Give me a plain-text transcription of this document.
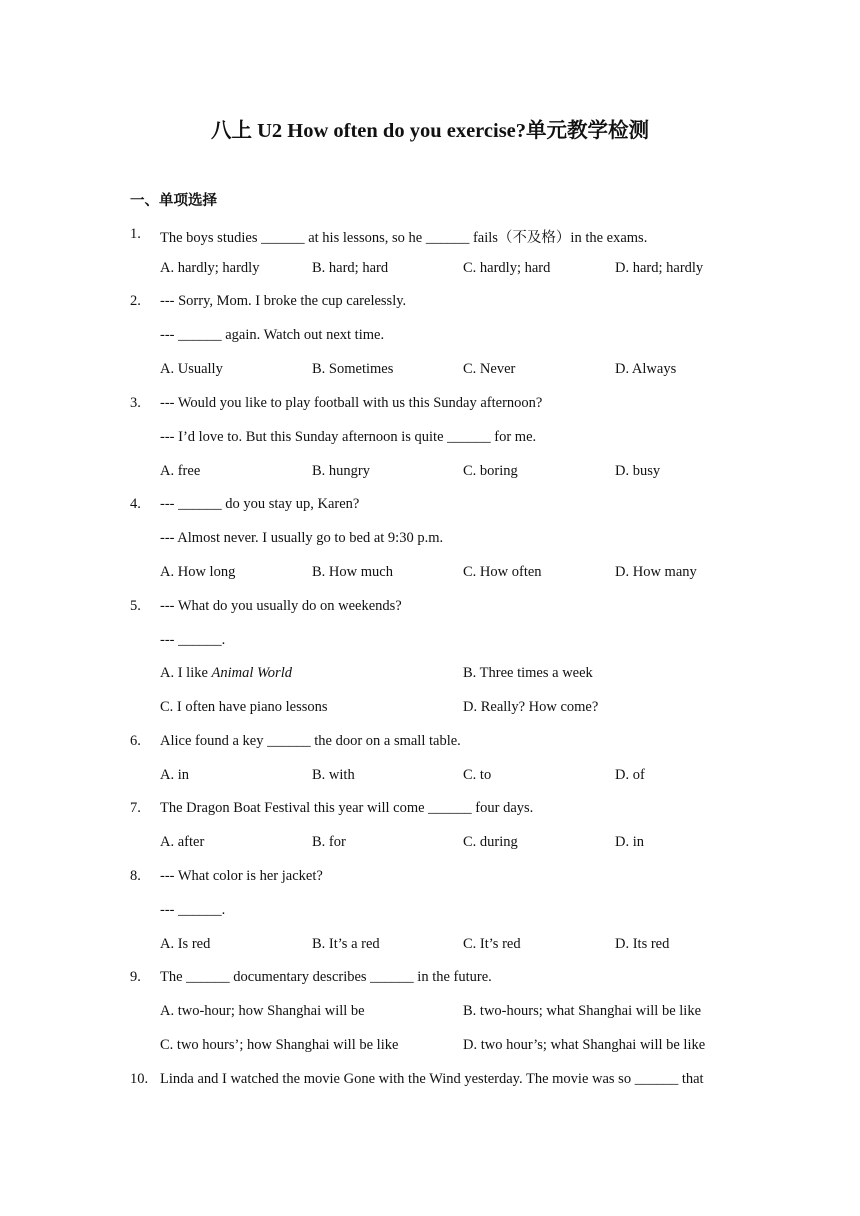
八上 U2 How often do you exercise?单元教学检测
一、单项选择
1. The boys studies ______ at his lessons, so he ______ fails（不及格）in the exams.
A. hardly; hardly	B. hard; hard	C. hardly; hard	D. hard; hardly
2. --- Sorry, Mom. I broke the cup carelessly.
--- ______ again. Watch out next time.
A. Usually	B. Sometimes	C. Never	D. Always
3. --- Would you like to play football with us this Sunday afternoon?
--- I’d love to. But this Sunday afternoon is quite ______ for me.
A. free	B. hungry	C. boring	D. busy
4. --- ______ do you stay up, Karen?
--- Almost never. I usually go to bed at 9:30 p.m.
A. How long	B. How much	C. How often	D. How many
5. --- What do you usually do on weekends?
--- ______.
A. I like Animal World	B. Three times a week
C. I often have piano lessons	D. Really? How come?
6. Alice found a key ______ the door on a small table.
A. in	B. with	C. to	D. of
7. The Dragon Boat Festival this year will come ______ four days.
A. after	B. for	C. during	D. in
8. --- What color is her jacket?
--- ______.
A. Is red	B. It’s a red	C. It’s red	D. Its red
9. The ______ documentary describes ______ in the future.
A. two-hour; how Shanghai will be	B. two-hours; what Shanghai will be like
C. two hours’; how Shanghai will be like	D. two hour’s; what Shanghai will be like
10. Linda and I watched the movie Gone with the Wind yesterday. The movie was so ______ that
